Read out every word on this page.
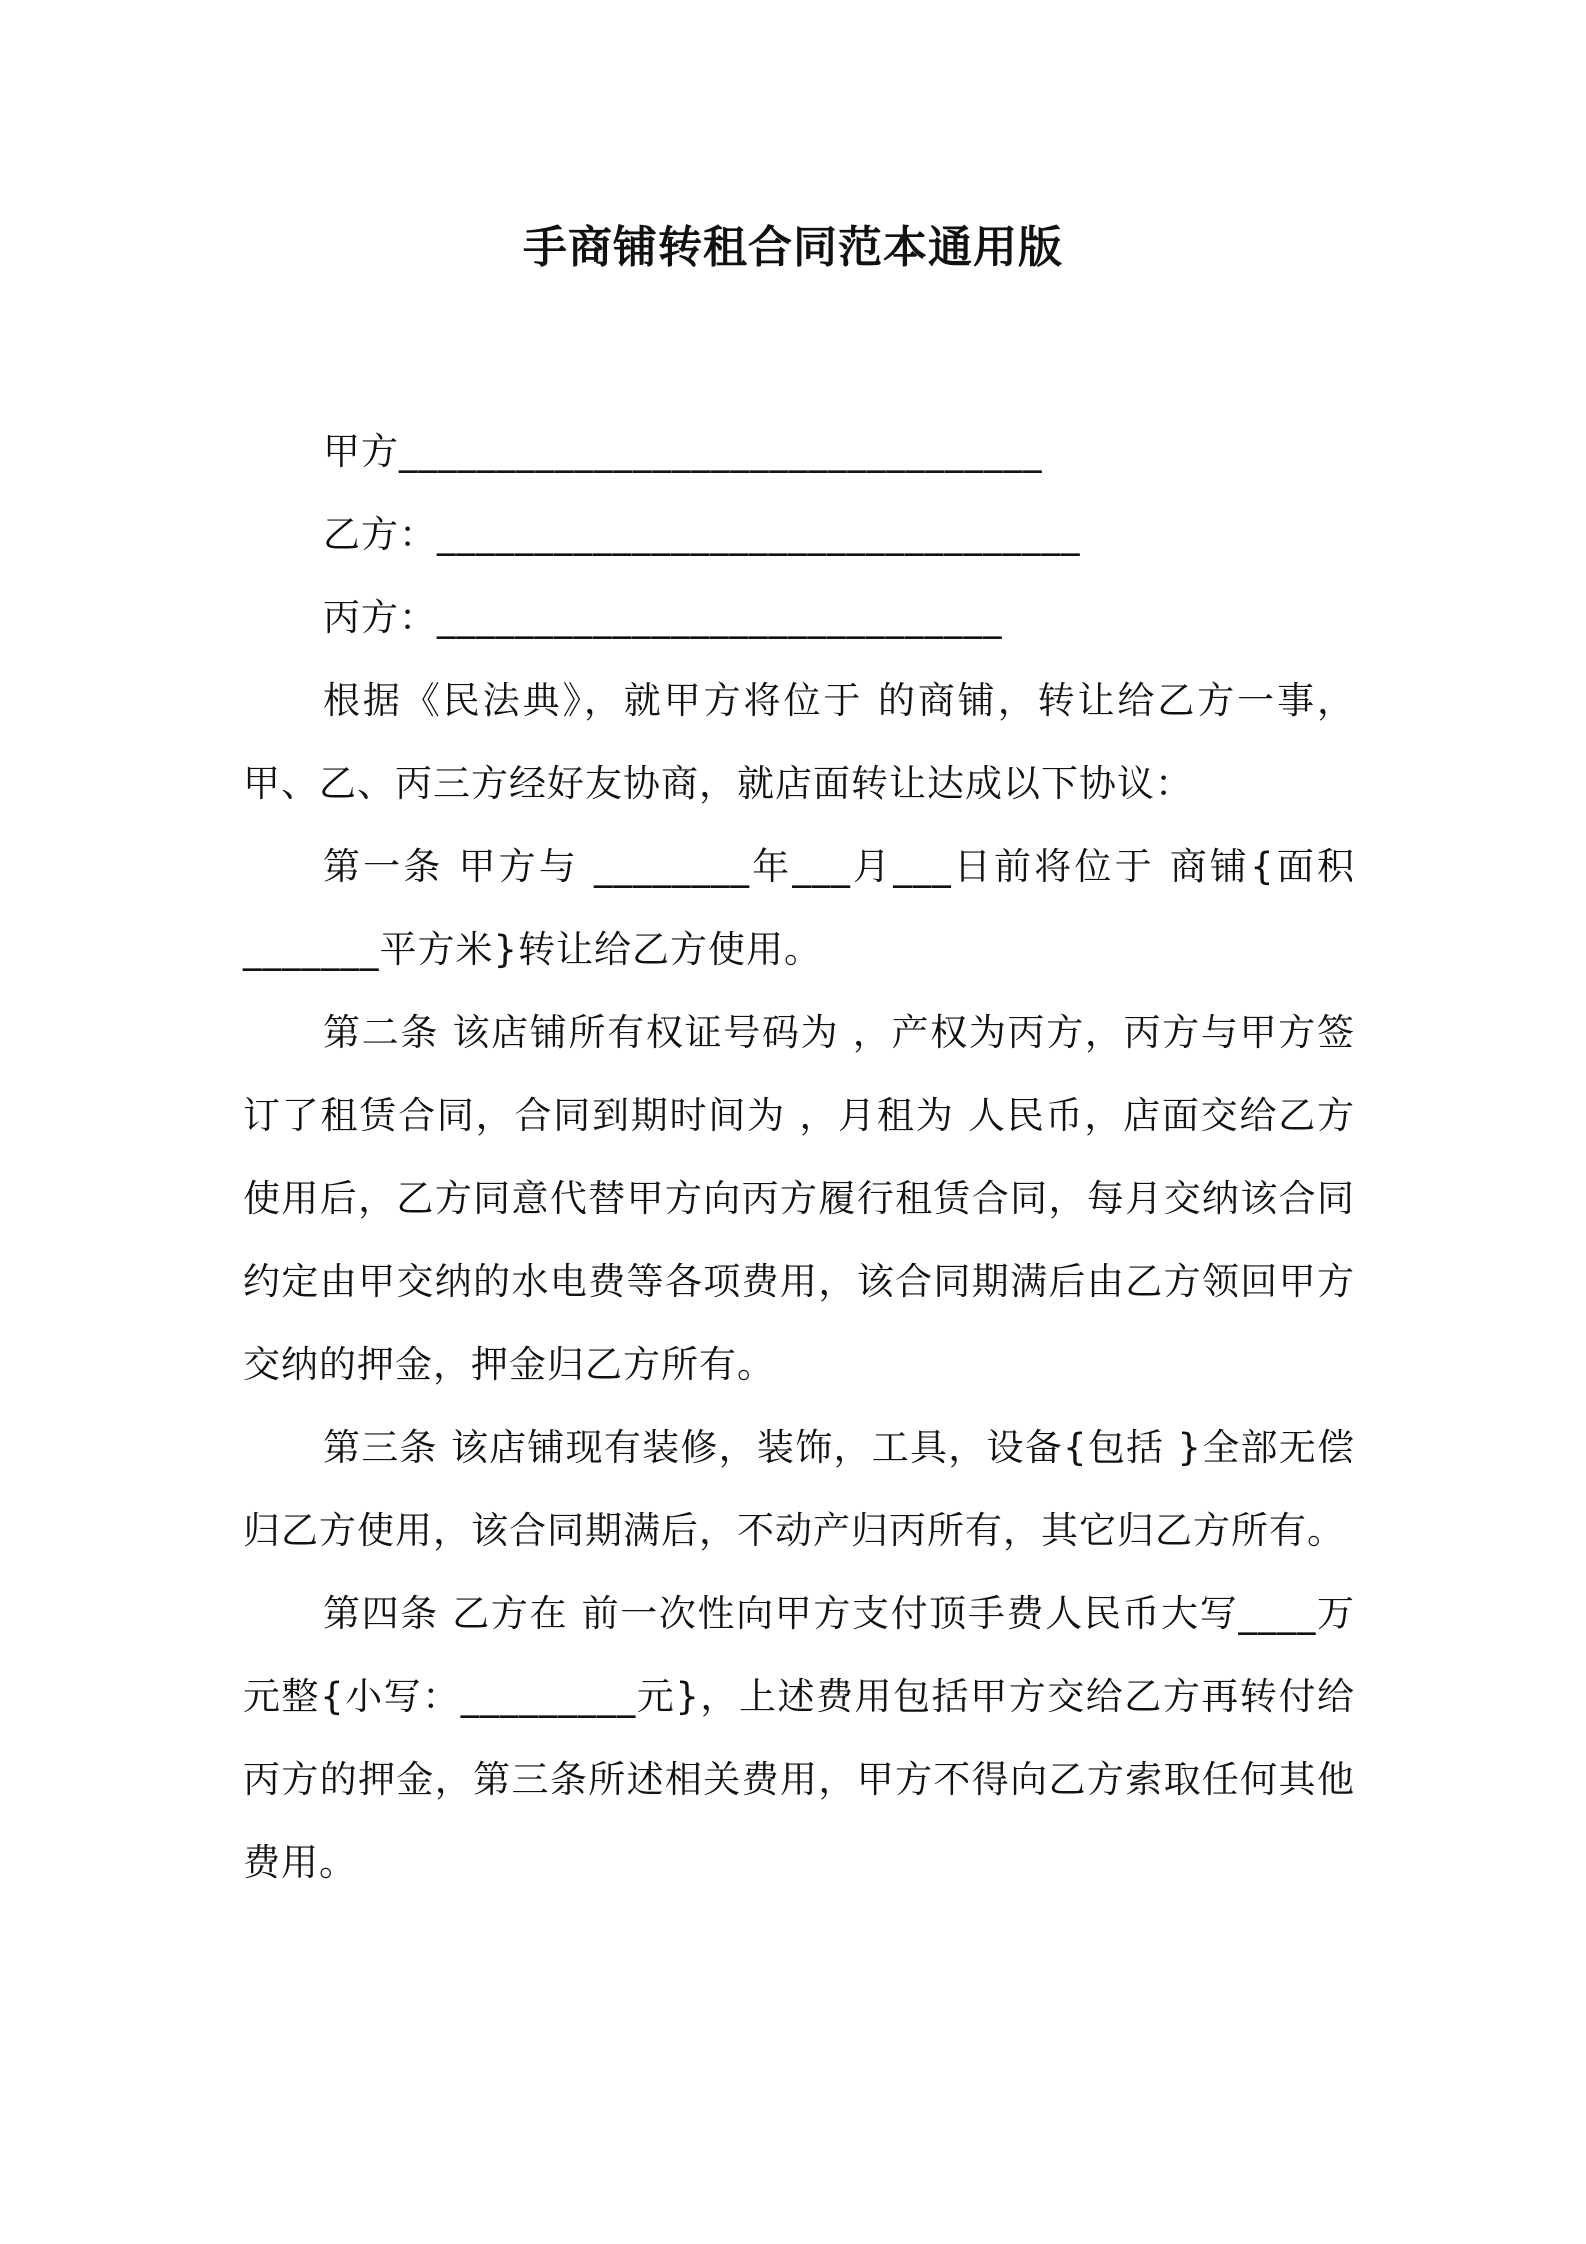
手商铺转租合同范本通用版

甲方_________________________________

乙方：_________________________________

丙方：_____________________________

根据《民法典》，就甲方将位于 的商铺，转让给乙方一事，甲、乙、丙三方经好友协商，就店面转让达成以下协议：

第一条 甲方与 ________年___月___日前将位于 商铺{面积_______平方米}转让给乙方使用。

第二条 该店铺所有权证号码为 ，产权为丙方，丙方与甲方签订了租赁合同，合同到期时间为 ，月租为 人民币，店面交给乙方使用后，乙方同意代替甲方向丙方履行租赁合同，每月交纳该合同约定由甲交纳的水电费等各项费用，该合同期满后由乙方领回甲方交纳的押金，押金归乙方所有。

第三条 该店铺现有装修，装饰，工具，设备{包括 }全部无偿归乙方使用，该合同期满后，不动产归丙所有，其它归乙方所有。

第四条 乙方在 前一次性向甲方支付顶手费人民币大写____万元整{小写：_________元}，上述费用包括甲方交给乙方再转付给丙方的押金，第三条所述相关费用，甲方不得向乙方索取任何其他费用。
